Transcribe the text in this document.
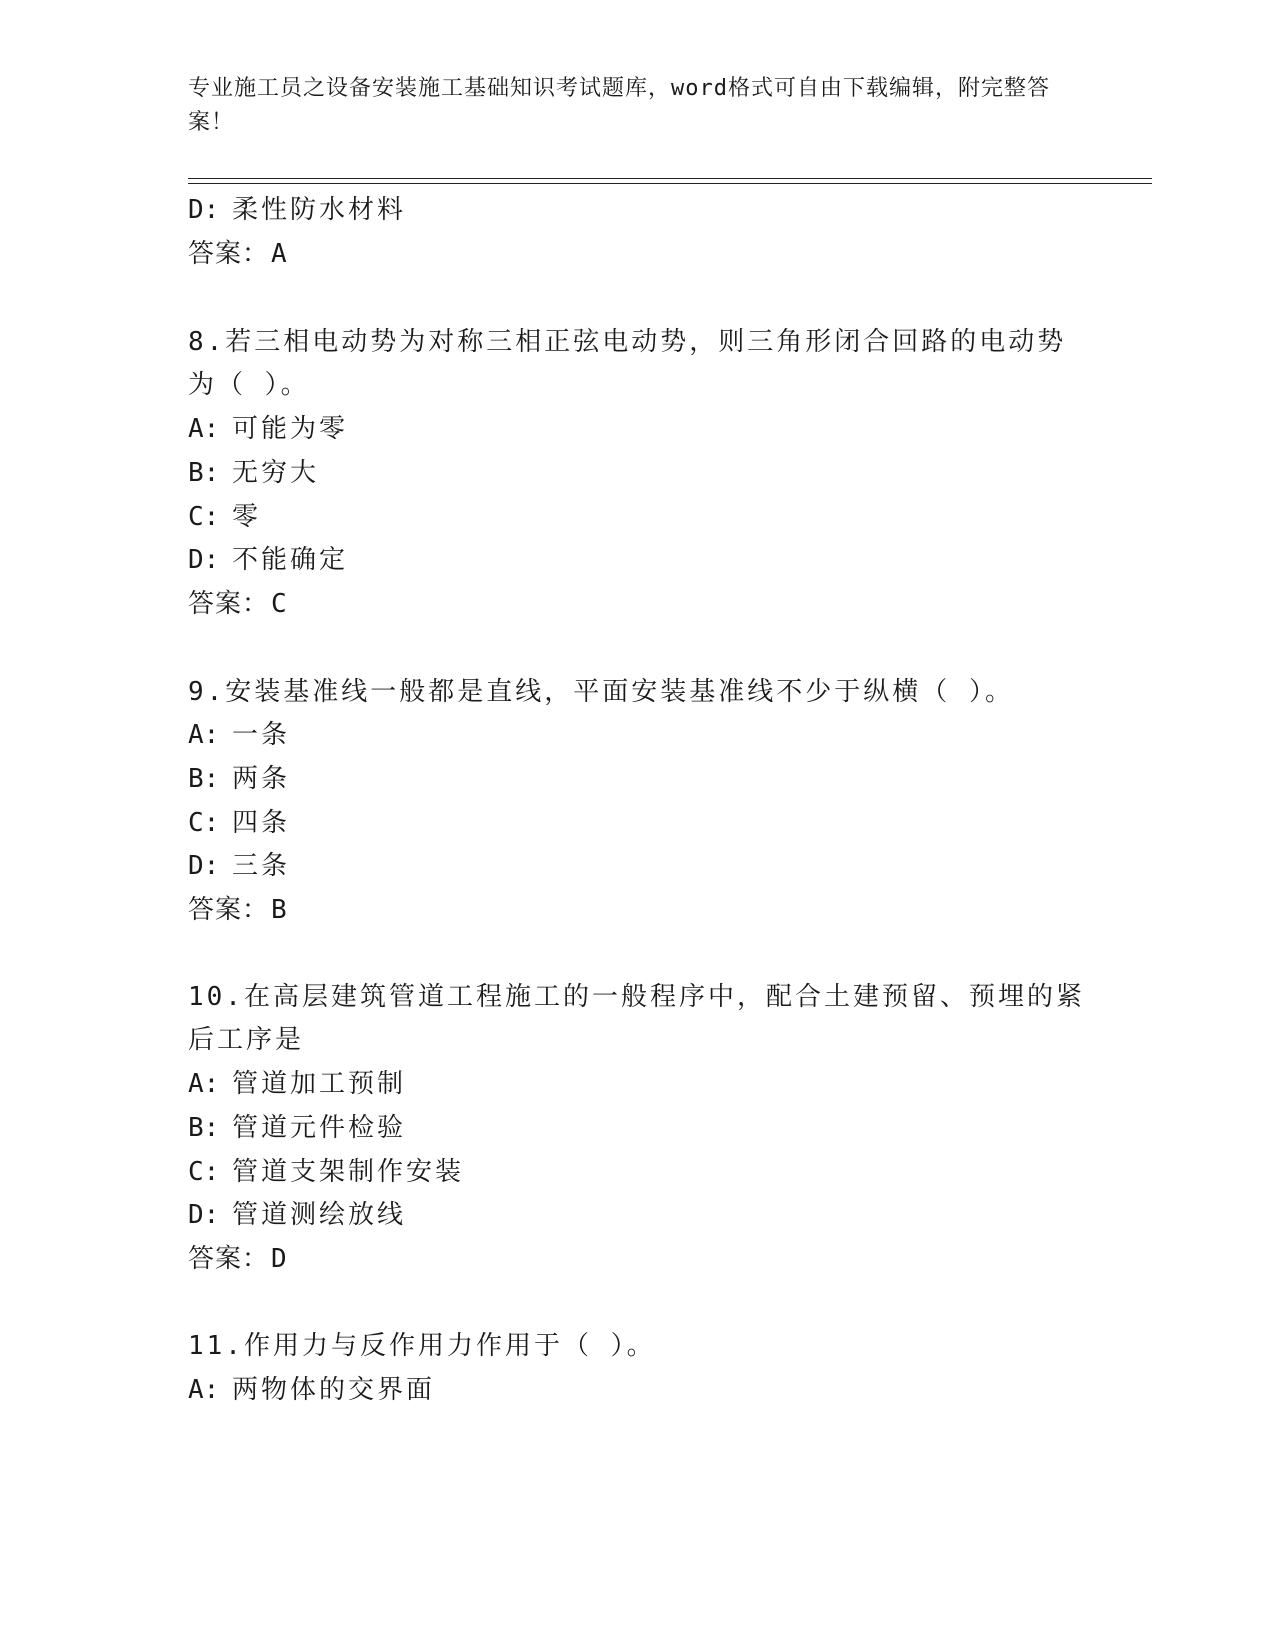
专业施工员之设备安装施工基础知识考试题库，word格式可自由下载编辑，附完整答案！
D: 柔性防水材料
答案：A
8.若三相电动势为对称三相正弦电动势，则三角形闭合回路的电动势
为（ ）。
A: 可能为零
B: 无穷大
C: 零
D: 不能确定
答案：C
9.安装基准线一般都是直线，平面安装基准线不少于纵横（ ）。
A: 一条
B: 两条
C: 四条
D: 三条
答案：B
10.在高层建筑管道工程施工的一般程序中，配合土建预留、预埋的紧
后工序是
A: 管道加工预制
B: 管道元件检验
C: 管道支架制作安装
D: 管道测绘放线
答案：D
11.作用力与反作用力作用于（ ）。
A: 两物体的交界面
